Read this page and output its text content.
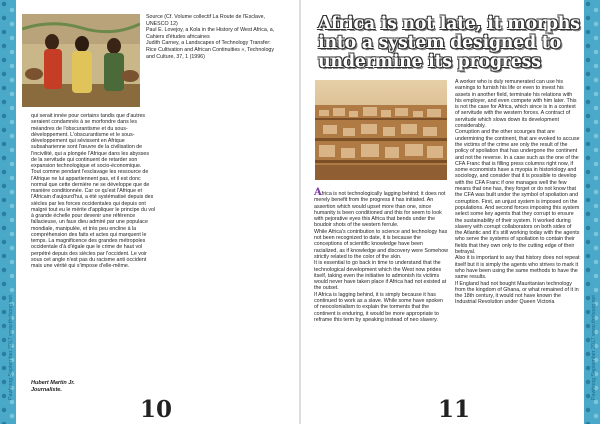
Pawhoog September 2017 www.thehoog.net	Pawhoog September 2017 www.thehoog.net
Source (Cf. Volume collectif La Route de l'Esclave, UNESCO 12)
Paul E. Lovejoy, a Kola in the History of West Africa, a, Cahiers d'études africaines
Judith Carney, a Landscapes of Technology Transfer: Rice Cultivation and African Continuities », Technology and Culture, 37, 1 (1996)

qui serait innée pour certains tandis que d'autres seraient condamnés à se morfondre dans les méandres de l'obscurantisme et du sous-développement. L'obscurantisme et le sous-développement qui sévissent en Afrique subsaharienne sont l'œuvre de la civilisation de l'incivilité, qui a plongée l'Afrique dans les abysses de la servitude qui continuent de retarder son expansion technologique et socio-économique.

Tout comme pendant l'esclavage les ressource de l'Afrique ne lui appartiennent pas, et il est donc normal que cette dernière ne se développe que de manière conditionnée. Car ce qu'est l'Afrique et l'Africain d'aujourd'hui, a été systématisé depuis des siècles par les forces occidentales qui depuis ont malgré tout eu le mérite d'appliquer le principe du vol à grande échelle pour devenir une référence fallacieuse, un faux dieu admiré par une populace mondiale, manipulée, et très peu encline à la compréhension des faits et actes qui marquent le temps. La magnificence des grandes métropoles occidentale d'à d'égale que le crime de haut vol perpétré depuis des siècles par l'occident. Le voir sous cet angle n'est pas du racisme anti occident mais une vérité qui s'impose d'elle-même.

Hubert Martin Jr.
Journaliste.
10
Africa is not late, it morphs into a system designed to undermine its progress

Africa is not technologically lagging behind; it does not merely benefit from the progress it has initiated. An assertion which would upset more than one, since humanity is been conditioned and this for seem to look with pejorative eyes this Africa that bends under the boudoir shots of the western ferrule.

While Africa's contribution to science and technology has not been recognized to date, it is because the conceptions of scientific knowledge have been racialized, as if knowledge and discovery were Somehow strictly related to the color of the skin.

It is essential to go back in time to understand that the technological development which the West now prides itself, taking even the initiative to admonish its victims would never have taken place if Africa had not existed at the outset.

If Africa is lagging behind, it is simply because it has continued to work as a slave. While some have spoken of neocolonialism to explain the torments that the continent is enduring, it would be more appropriate to reframe this term by speaking instead of neo slavery.

A worker who is duly remunerated can use his earnings to furnish his life or even to invest his assets in another field, terminate his relations with his employer, and even compete with him later. This is not the case for Africa, which since is in a context of servitude with the western forces. A contract of servitude which slows down its development considerably.

Corruption and the other scourges that are undermining the continent, that are evoked to accuse the victims of the crime are only the result of the policy of spoliation that has undergone the continent and not the reverse. In a case such as the one of the CFA Franc that is filling press columns right now, if some economists have a myopia in historiology and sociology, and consider that it is possible to develop with the CFA Franc if one manages well the few means that one has, they forget or do not know that the CFA was built under the symbol of spoliation and corruption. First, an unjust system is imposed on the populations. And second forces imposing this system select some key agents that they corrupt to ensure the sustainability of their system. It worked during slavery with corrupt collaborators on both sides of the Atlantic and it's still working today with the agents who serve the systems of spoliation to contain their fields that they own only to the cutting edge of their betrayal.

Also it is important to say that history does not repeat itself but it is simply the agents who strives to mark it who have been using the same methods to have the same results.

If England had not bought Mauritanian technology from the kingdom of Ghana, or what remained of it in the 18th century, it would not have known the Industrial Revolution under Queen Victoria

11
